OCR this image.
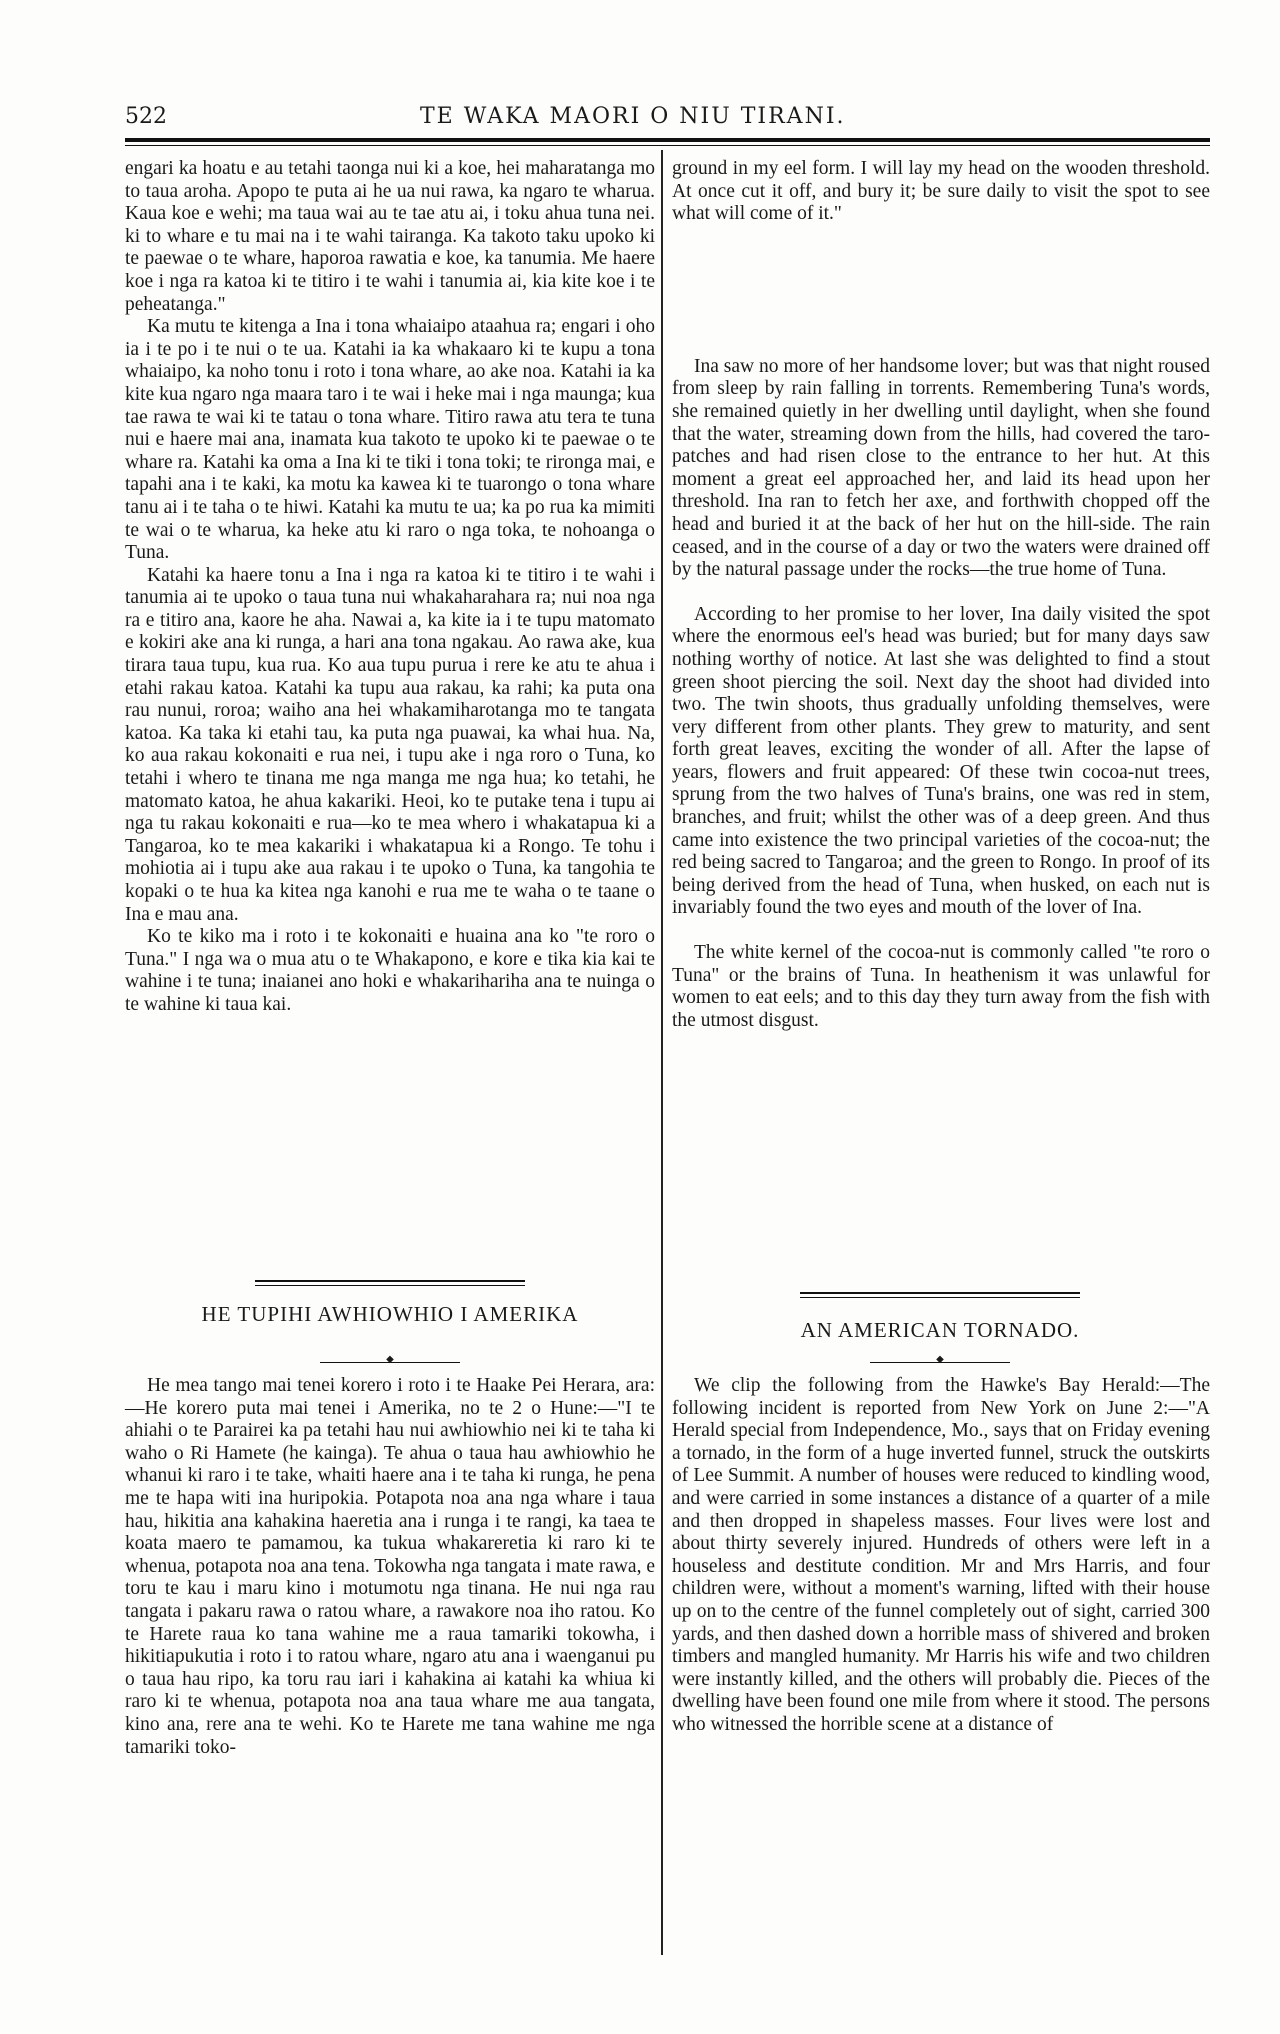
522	TE WAKA MAORI O NIU TIRANI.

engari ka hoatu e au tetahi taonga nui ki a koe, hei maharatanga mo to taua aroha. Apopo te puta ai he ua nui rawa, ka ngaro te wharua. Kaua koe e wehi; ma taua wai au te tae atu ai, i toku ahua tuna nei. ki to whare e tu mai na i te wahi tairanga. Ka takoto taku upoko ki te paewae o te whare, haporoa rawatia e koe, ka tanumia. Me haere koe i nga ra katoa ki te titiro i te wahi i tanumia ai, kia kite koe i te peheatanga."

Ka mutu te kitenga a Ina i tona whaiaipo ataahua ra; engari i oho ia i te po i te nui o te ua. Katahi ia ka whakaaro ki te kupu a tona whaiaipo, ka noho tonu i roto i tona whare, ao ake noa. Katahi ia ka kite kua ngaro nga maara taro i te wai i heke mai i nga maunga; kua tae rawa te wai ki te tatau o tona whare. Titiro rawa atu tera te tuna nui e haere mai ana, inamata kua takoto te upoko ki te paewae o te whare ra. Katahi ka oma a Ina ki te tiki i tona toki; te rironga mai, e tapahi ana i te kaki, ka motu ka kawea ki te tuarongo o tona whare tanu ai i te taha o te hiwi. Katahi ka mutu te ua; ka po rua ka mimiti te wai o te wharua, ka heke atu ki raro o nga toka, te nohoanga o Tuna.

Katahi ka haere tonu a Ina i nga ra katoa ki te titiro i te wahi i tanumia ai te upoko o taua tuna nui whakaharahara ra; nui noa nga ra e titiro ana, kaore he aha. Nawai a, ka kite ia i te tupu matomato e kokiri ake ana ki runga, a hari ana tona ngakau. Ao rawa ake, kua tirara taua tupu, kua rua. Ko aua tupu purua i rere ke atu te ahua i etahi rakau katoa. Katahi ka tupu aua rakau, ka rahi; ka puta ona rau nunui, roroa; waiho ana hei whakamiharotanga mo te tangata katoa. Ka taka ki etahi tau, ka puta nga puawai, ka whai hua. Na, ko aua rakau kokonaiti e rua nei, i tupu ake i nga roro o Tuna, ko tetahi i whero te tinana me nga manga me nga hua; ko tetahi, he matomato katoa, he ahua kakariki. Heoi, ko te putake tena i tupu ai nga tu rakau kokonaiti e rua—ko te mea whero i whakatapua ki a Tangaroa, ko te mea kakariki i whakatapua ki a Rongo. Te tohu i mohiotia ai i tupu ake aua rakau i te upoko o Tuna, ka tangohia te kopaki o te hua ka kitea nga kanohi e rua me te waha o te taane o Ina e mau ana.

Ko te kiko ma i roto i te kokonaiti e huaina ana ko "te roro o Tuna." I nga wa o mua atu o te Whakapono, e kore e tika kia kai te wahine i te tuna; inaianei ano hoki e whakarihariha ana te nuinga o te wahine ki taua kai.

HE TUPIHI AWHIOWHIO I AMERIKA
◆

He mea tango mai tenei korero i roto i te Haake Pei Herara, ara:—He korero puta mai tenei i Amerika, no te 2 o Hune:—"I te ahiahi o te Parairei ka pa tetahi hau nui awhiowhio nei ki te taha ki waho o Ri Hamete (he kainga). Te ahua o taua hau awhiowhio he whanui ki raro i te take, whaiti haere ana i te taha ki runga, he pena me te hapa witi ina huripokia. Potapota noa ana nga whare i taua hau, hikitia ana kahakina haeretia ana i runga i te rangi, ka taea te koata maero te pamamou, ka tukua whakareretia ki raro ki te whenua, potapota noa ana tena. Tokowha nga tangata i mate rawa, e toru te kau i maru kino i motumotu nga tinana. He nui nga rau tangata i pakaru rawa o ratou whare, a rawakore noa iho ratou. Ko te Harete raua ko tana wahine me a raua tamariki tokowha, i hikitiapukutia i roto i to ratou whare, ngaro atu ana i waenganui pu o taua hau ripo, ka toru rau iari i kahakina ai katahi ka whiua ki raro ki te whenua, potapota noa ana taua whare me aua tangata, kino ana, rere ana te wehi. Ko te Harete me tana wahine me nga tamariki toko-

ground in my eel form. I will lay my head on the wooden threshold. At once cut it off, and bury it; be sure daily to visit the spot to see what will come of it."

Ina saw no more of her handsome lover; but was that night roused from sleep by rain falling in torrents. Remembering Tuna's words, she remained quietly in her dwelling until daylight, when she found that the water, streaming down from the hills, had covered the taro-patches and had risen close to the entrance to her hut. At this moment a great eel approached her, and laid its head upon her threshold. Ina ran to fetch her axe, and forthwith chopped off the head and buried it at the back of her hut on the hill-side. The rain ceased, and in the course of a day or two the waters were drained off by the natural passage under the rocks—the true home of Tuna.

According to her promise to her lover, Ina daily visited the spot where the enormous eel's head was buried; but for many days saw nothing worthy of notice. At last she was delighted to find a stout green shoot piercing the soil. Next day the shoot had divided into two. The twin shoots, thus gradually unfolding themselves, were very different from other plants. They grew to maturity, and sent forth great leaves, exciting the wonder of all. After the lapse of years, flowers and fruit appeared: Of these twin cocoa-nut trees, sprung from the two halves of Tuna's brains, one was red in stem, branches, and fruit; whilst the other was of a deep green. And thus came into existence the two principal varieties of the cocoa-nut; the red being sacred to Tangaroa; and the green to Rongo. In proof of its being derived from the head of Tuna, when husked, on each nut is invariably found the two eyes and mouth of the lover of Ina.

The white kernel of the cocoa-nut is commonly called "te roro o Tuna" or the brains of Tuna. In heathenism it was unlawful for women to eat eels; and to this day they turn away from the fish with the utmost disgust.

AN AMERICAN TORNADO.
◆

We clip the following from the Hawke's Bay Herald:—The following incident is reported from New York on June 2:—"A Herald special from Independence, Mo., says that on Friday evening a tornado, in the form of a huge inverted funnel, struck the outskirts of Lee Summit. A number of houses were reduced to kindling wood, and were carried in some instances a distance of a quarter of a mile and then dropped in shapeless masses. Four lives were lost and about thirty severely injured. Hundreds of others were left in a houseless and destitute condition. Mr and Mrs Harris, and four children were, without a moment's warning, lifted with their house up on to the centre of the funnel completely out of sight, carried 300 yards, and then dashed down a horrible mass of shivered and broken timbers and mangled humanity. Mr Harris his wife and two children were instantly killed, and the others will probably die. Pieces of the dwelling have been found one mile from where it stood. The persons who witnessed the horrible scene at a distance of
